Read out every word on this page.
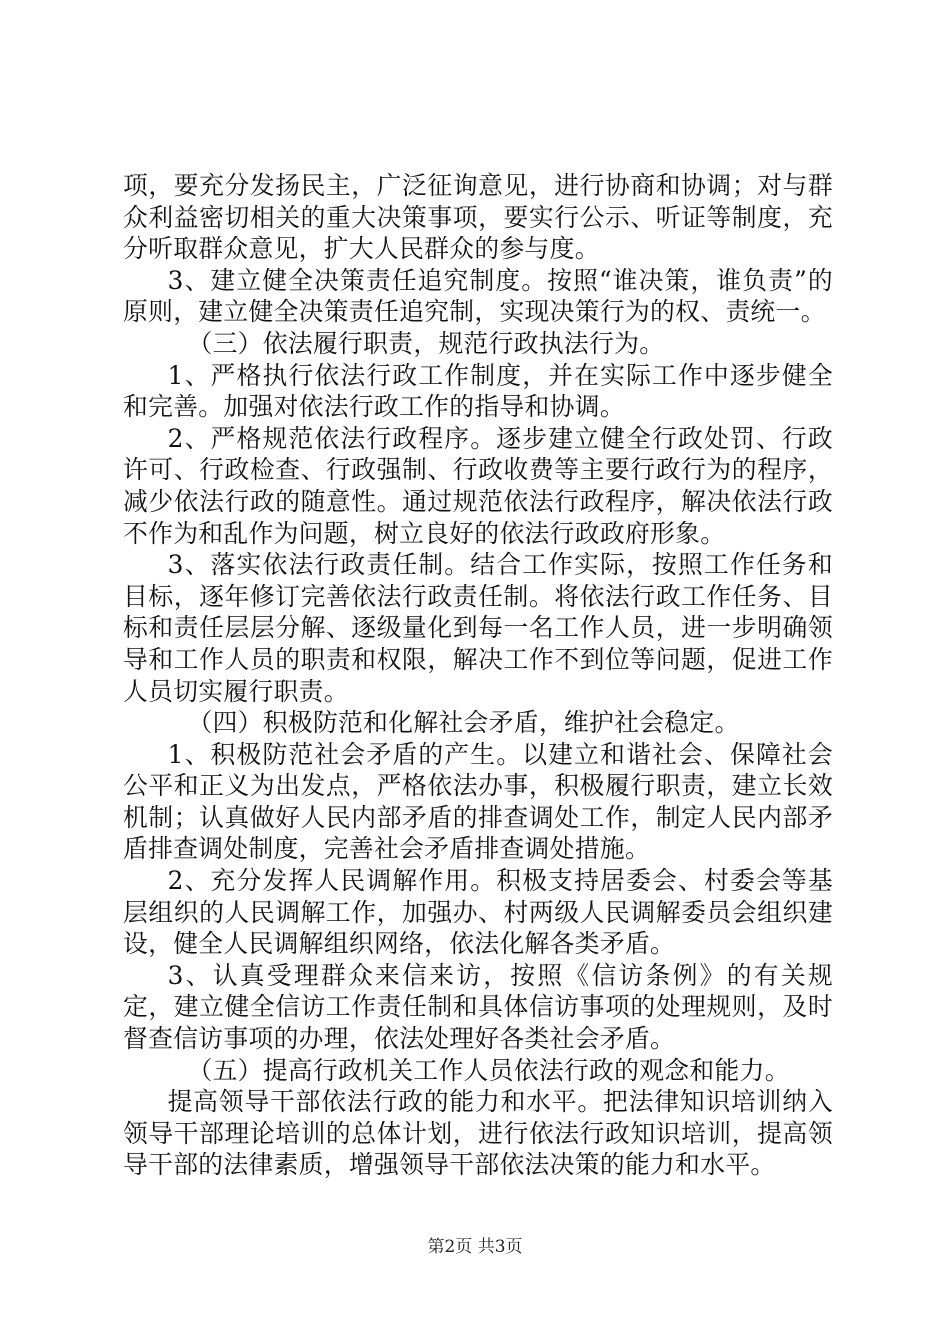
项，要充分发扬民主，广泛征询意见，进行协商和协调；对与群众利益密切相关的重大决策事项，要实行公示、听证等制度，充分听取群众意见，扩大人民群众的参与度。

3、建立健全决策责任追究制度。按照“谁决策，谁负责”的原则，建立健全决策责任追究制，实现决策行为的权、责统一。

（三）依法履行职责，规范行政执法行为。

1、严格执行依法行政工作制度，并在实际工作中逐步健全和完善。加强对依法行政工作的指导和协调。

2、严格规范依法行政程序。逐步建立健全行政处罚、行政许可、行政检查、行政强制、行政收费等主要行政行为的程序，减少依法行政的随意性。通过规范依法行政程序，解决依法行政不作为和乱作为问题，树立良好的依法行政政府形象。

3、落实依法行政责任制。结合工作实际，按照工作任务和目标，逐年修订完善依法行政责任制。将依法行政工作任务、目标和责任层层分解、逐级量化到每一名工作人员，进一步明确领导和工作人员的职责和权限，解决工作不到位等问题，促进工作人员切实履行职责。

（四）积极防范和化解社会矛盾，维护社会稳定。

1、积极防范社会矛盾的产生。以建立和谐社会、保障社会公平和正义为出发点，严格依法办事，积极履行职责，建立长效机制；认真做好人民内部矛盾的排查调处工作，制定人民内部矛盾排查调处制度，完善社会矛盾排查调处措施。

2、充分发挥人民调解作用。积极支持居委会、村委会等基层组织的人民调解工作，加强办、村两级人民调解委员会组织建设，健全人民调解组织网络，依法化解各类矛盾。

3、认真受理群众来信来访，按照《信访条例》的有关规定，建立健全信访工作责任制和具体信访事项的处理规则，及时督查信访事项的办理，依法处理好各类社会矛盾。

（五）提高行政机关工作人员依法行政的观念和能力。

提高领导干部依法行政的能力和水平。把法律知识培训纳入领导干部理论培训的总体计划，进行依法行政知识培训，提高领导干部的法律素质，增强领导干部依法决策的能力和水平。

第2页 共3页
